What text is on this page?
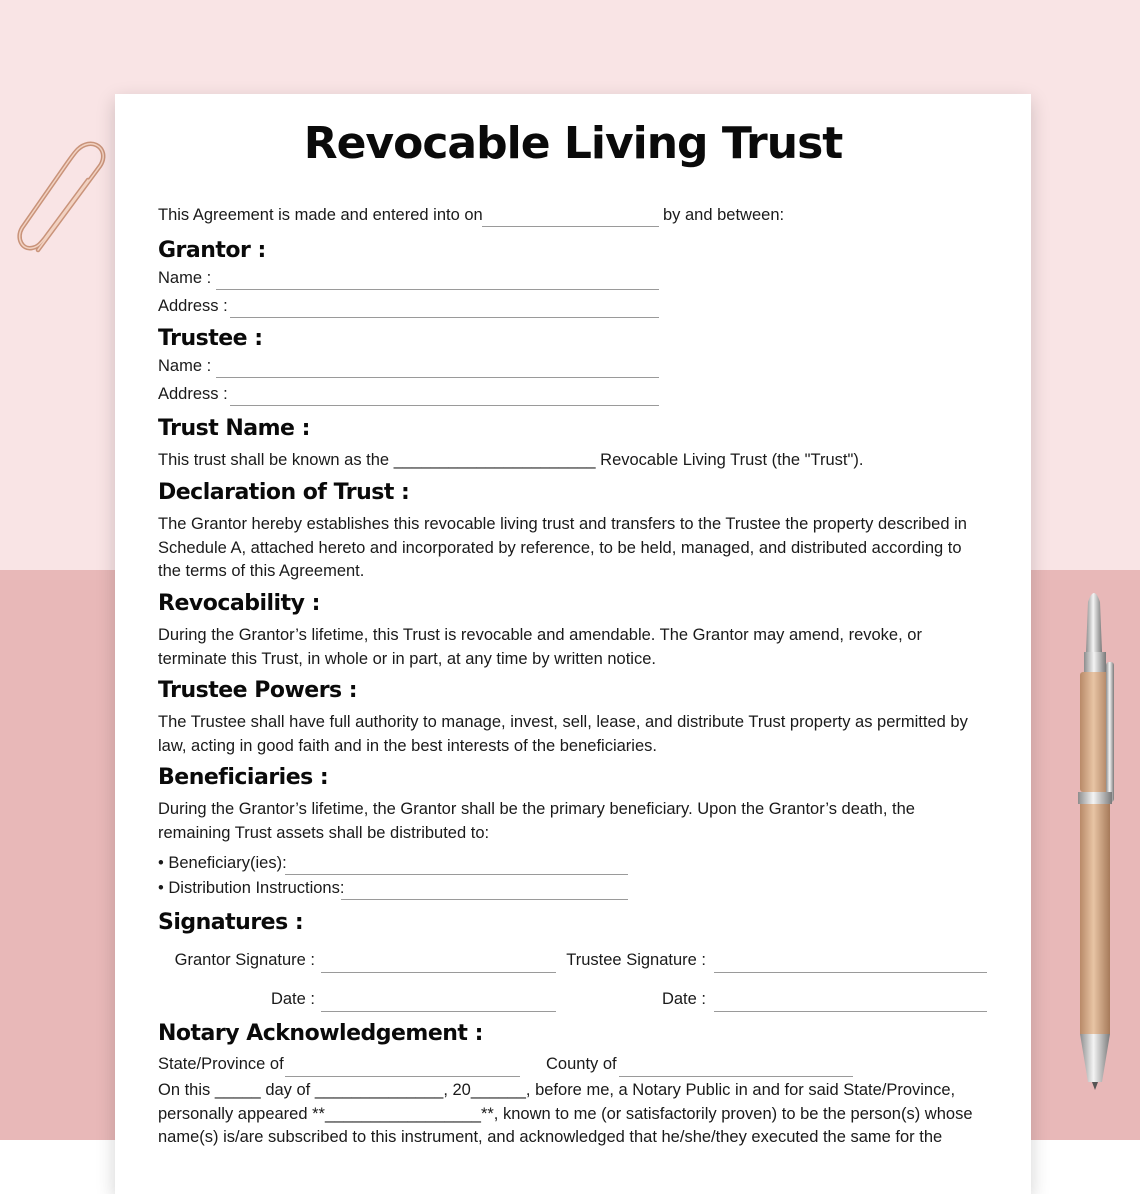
Revocable Living Trust
This Agreement is made and entered into on	by and between:
Grantor :
Name :
Address :
Trustee :
Name :
Address :
Trust Name :
This trust shall be known as the ______________________ Revocable Living Trust (the "Trust").
Declaration of Trust :
The Grantor hereby establishes this revocable living trust and transfers to the Trustee the property described in Schedule A, attached hereto and incorporated by reference, to be held, managed, and distributed according to the terms of this Agreement.
Revocability :
During the Grantor’s lifetime, this Trust is revocable and amendable. The Grantor may amend, revoke, or terminate this Trust, in whole or in part, at any time by written notice.
Trustee Powers :
The Trustee shall have full authority to manage, invest, sell, lease, and distribute Trust property as permitted by law, acting in good faith and in the best interests of the beneficiaries.
Beneficiaries :
During the Grantor’s lifetime, the Grantor shall be the primary beneficiary. Upon the Grantor’s death, the remaining Trust assets shall be distributed to:
• Beneficiary(ies):
• Distribution Instructions:
Signatures :
Grantor Signature :	Trustee Signature :
Date :	Date :
Notary Acknowledgement :
State/Province of	County of
On this _____ day of ______________, 20______, before me, a Notary Public in and for said State/Province, personally appeared **_________________**, known to me (or satisfactorily proven) to be the person(s) whose name(s) is/are subscribed to this instrument, and acknowledged that he/she/they executed the same for the
